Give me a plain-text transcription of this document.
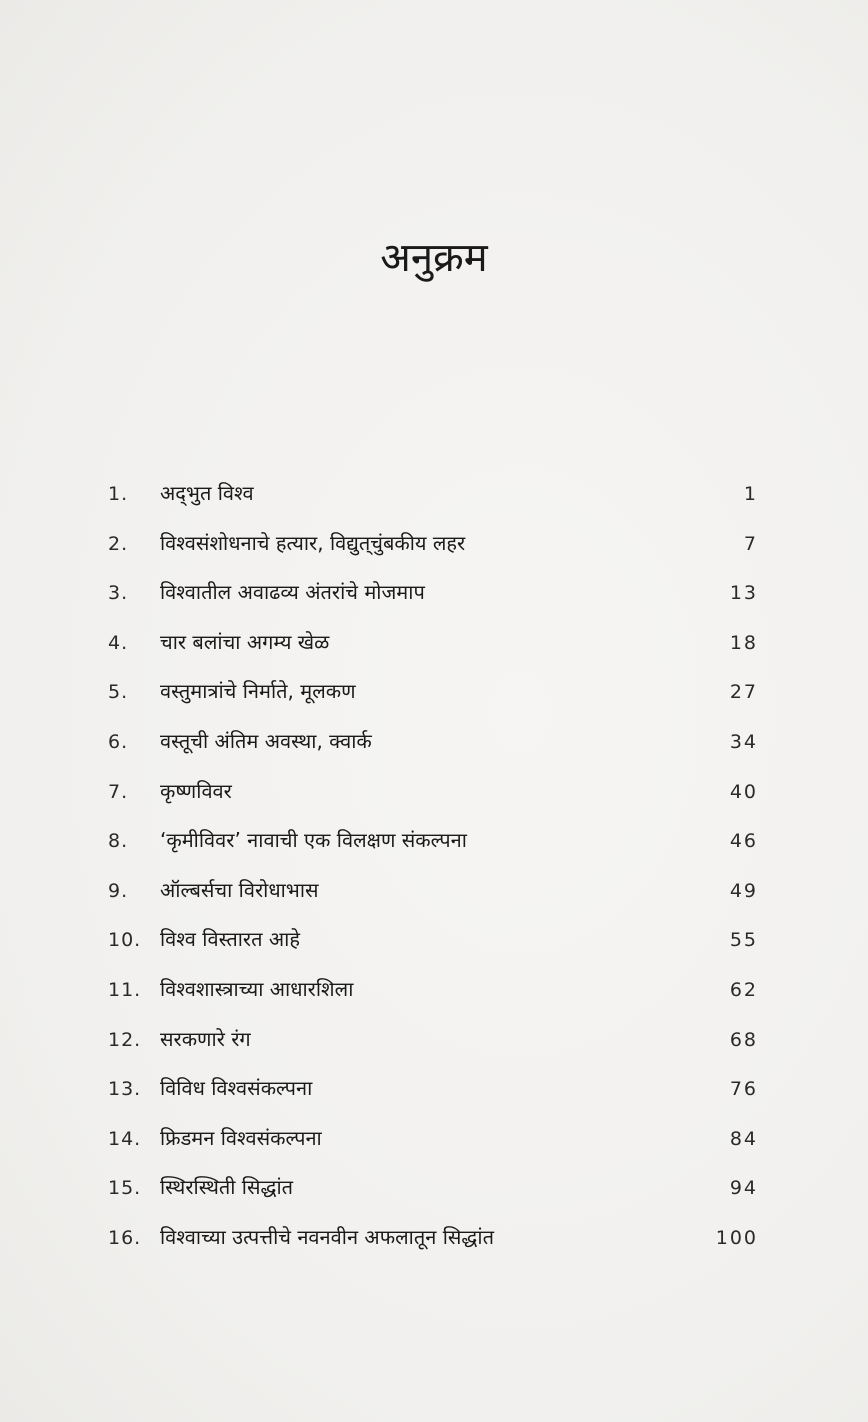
अनुक्रम
1.	अद्‌भुत विश्व	1
2.	विश्वसंशोधनाचे हत्यार, विद्युत्‌चुंबकीय लहर	7
3.	विश्वातील अवाढव्य अंतरांचे मोजमाप	13
4.	चार बलांचा अगम्य खेळ	18
5.	वस्तुमात्रांचे निर्माते, मूलकण	27
6.	वस्तूची अंतिम अवस्था, क्वार्क	34
7.	कृष्णविवर	40
8.	‘कृमीविवर’ नावाची एक विलक्षण संकल्पना	46
9.	ऑल्बर्सचा विरोधाभास	49
10. विश्व विस्तारत आहे	55
11. विश्वशास्त्राच्या आधारशिला	62
12. सरकणारे रंग	68
13. विविध विश्वसंकल्पना	76
14. फ्रिडमन विश्वसंकल्पना	84
15. स्थिरस्थिती सिद्धांत	94
16. विश्वाच्या उत्पत्तीचे नवनवीन अफलातून सिद्धांत	100
